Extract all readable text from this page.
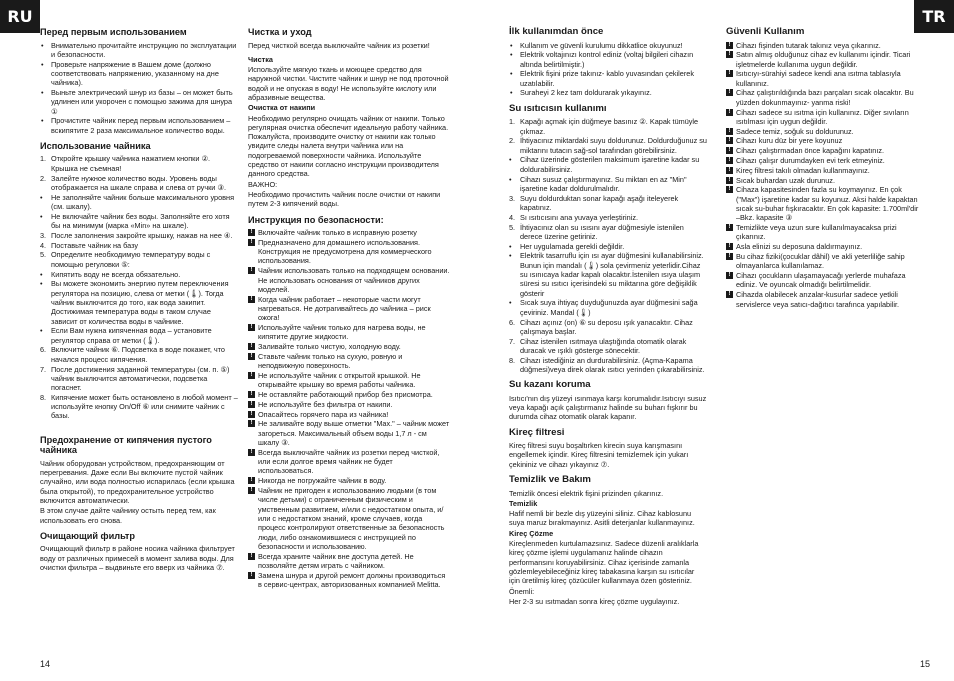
RU	TR
Перед первым использованием
• Внимательно прочитайте инструкцию по эксплуатации и безопасности.
• Проверьте напряжение в Вашем доме (должно соответствовать напряжению, указанному на дне чайника).
• Выньте электрический шнур из базы – он может быть удлинен или укорочен с помощью зажима для шнура ①
• Прочистите чайник перед первым использованием – вскипятите 2 раза максимальное количество воды.
Использование чайника
1. Откройте крышку чайника нажатием кнопки ②. Крышка не съемная!
2. Залейте нужное количество воды. Уровень воды отображается на шкале справа и слева от ручки ③.
• Не заполняйте чайник больше максимального уровня (см. шкалу).
• Не включайте чайник без воды. Заполняйте его хотя бы на минимум (марка «Min» на шкале).
3. После заполнения закройте крышку, нажав на нее ④.
4. Поставьте чайник на базу
5. Определите необходимую температуру воды с помощью регуловки ⑤:
• Кипятить воду не всегда обязательно.
• Вы можете экономить энергию путем переключения регулятора на позицию, слева от метки (🌡). Тогда чайник выключится до того, как вода закипит. Достижимая температура воды в таком случае зависит от количества воды в чайнике.
• Если Вам нужна кипяченная вода – установите регулятор справа от метки (🌡).
6. Включите чайник ⑥. Подсветка в воде покажет, что начался процесс кипячения.
7. После достижения заданной температуры (см. п. ⑤) чайник выключится автоматически, подсветка погаснет.
8. Кипячение может быть остановлено в любой момент – используйте кнопку On/Off ⑥ или снимите чайник с базы.
Предохранение от кипячения пустого чайника

Чайник оборудован устройством, предохраняющим от перегревания. Даже если Вы включите пустой чайник случайно, или вода полностью испарилась (если крышка была открытой), то предохранительное устройство включится автоматически.

В этом случае дайте чайнику остыть перед тем, как использовать его снова.

Очищающий фильтр

Очищающий фильтр в районе носика чайника фильтрует воду от различных примесей в момент залива воды. Для очистки фильтра – выдвиньте его вверх из чайника ⑦.

Чистка и уход

Перед чисткой всегда выключайте чайник из розетки!

Чистка

Используйте мягкую ткань и моющее средство для наружной чистки. Чистите чайник и шнур не под проточной водой и не опуская в воду! Не используйте кислоту или абразивные вещества.

Очистка от накипи

Необходимо регулярно очищать чайник от накипи. Только регулярная очистка обеспечит идеальную работу чайника. Пожалуйста, производите очистку от накипи как только увидите следы налета внутри чайника или на подогреваемой поверхности чайника. Используйте средство от накипи согласно инструкции производителя данного средства.

ВАЖНО:

Необходимо прочистить чайник после очистки от накипи путем 2-3 кипячений воды.

Инструкция по безопасности:
! Включайте чайник только в исправную розетку
! Предназначено для домашнего использования. Конструкция не предусмотрена для коммерческого использования.
! Чайник использовать только на подходящем основании. Не использовать основания от чайников других моделей.
! Когда чайник работает – некоторые части могут нагреваться. Не дотрагивайтесь до чайника – риск ожога!
! Используйте чайник только для нагрева воды, не кипятите другие жидкости.
! Заливайте только чистую, холодную воду.
! Ставьте чайник только на сухую, ровную и неподвижную поверхность.
! Не используйте чайник с открытой крышкой. Не открывайте крышку во время работы чайника.
! Не оставляйте работающий прибор без присмотра.
! Не используйте без фильтра от накипи.
! Опасайтесь горячего пара из чайника!
! Не заливайте воду выше отметки "Max." – чайник может загореться. Максимальный объем воды 1,7 л - см шкалу ③.
! Всегда выключайте чайник из розетки перед чисткой, или если долгое время чайник не будет использоваться.
! Никогда не погружайте чайник в воду.
! Чайник не пригоден к использованию людьми (в том числе детьми) с ограниченным физическим и умственным развитием, и/или с недостатком опыта, и/или с недостатком знаний, кроме случаев, когда процесс контролируют ответственные за безопасность люди, либо ознакомившиеся с инструкцией по безопасности и использованию.
! Всегда храните чайник вне доступа детей. Не позволяйте детям играть с чайником.
! Замена шнура и другой ремонт должны производиться в сервис-центрах, авторизованных компанией Melitta.
İlk kullanımdan önce
• Kullanım ve güvenli kurulumu dikkatlice okuyunuz!
• Elektrik voltajınızı kontrol ediniz (voltaj bilgileri cihazın altında belirtilmiştir.)
• Elektrik fişini prize takınız- kablo yuvasından çekilerek uzatılabilir.
• Suraheyi 2 kez tam doldurarak yıkayınız.
Su ısıtıcısın kullanımı
1. Kapağı açmak için düğmeye basınız ②. Kapak tümüyle çıkmaz.
2. İhtiyacınız miktardaki suyu doldurunuz. Doldurduğunuz su miktarını tutacın sağ-sol tarafından görebilirsiniz.
• Cihaz üzerinde gösterilen maksimum işaretine kadar su doldurabilirsiniz.
• Cihazı susuz çalıştırmayınız. Su miktarı en az "Min" işaretine kadar doldurulmalıdır.
3. Suyu doldurduktan sonar kapağı aşağı iteleyerek kapatınız.
4. Sı ısıtıcısını ana yuvaya yerleştiriniz.
5. İhtiyacınız olan su ısısını ayar düğmesiyle istenilen derece üzerine getiriniz.
• Her uygulamada gerekli değildir.
• Elektrik tasarruflu için ısı ayar düğmesini kullanabilirsiniz. Bunun için mandalı (🌡) sola çevirmeniz yeterlidir.Cihaz su ısınıcaya kadar kapalı olacaktır.İstenilen ısıya ulaşım süresi su ısıtıcı içerisindeki su miktarına göre değişiklik gösterir
• Sıcak suya ihtiyaç duyduğunuzda ayar düğmesini sağa çeviriniz. Mandal (🌡)
6. Cihazı açınız (on) ⑥ su deposu ışık yanacaktır. Cihaz çalışmaya başlar.
7. Cihaz istenilen ısıtmaya ulaştığında otomatik olarak duracak ve ışıklı gösterge sönecektir.
8. Cihazı istediğiniz an durdurabilirsiniz. (Açma-Kapama düğmesi)veya direk olarak ısıtıcı yerinden çıkarabilirsiniz.
Su kazanı koruma

Isıtıcı'nın dış yüzeyi ısınmaya karşı korumalıdır.Isıtıcıyı susuz veya kapağı açık çalıştırmanız halinde su buharı fışkırır bu durumda cihaz otomatik olarak kapanır.

Kireç filtresi

Kireç filtresi suyu boşaltırken kirecin suya karışmasını engellemek içindir. Kireç filtresini temizlemek için yukarı çekininiz ve cihazı yıkayınız ⑦.

Temizlik ve Bakım

Temizlik öncesi elektrik fişini prizinden çıkarınız.

Temizlik

Hafif nemli bir bezle dış yüzeyini siliniz. Cihaz kablosunu suya maruz bırakmayınız. Asitli deterjanlar kullanmayınız.

Kireç Çözme

Kireçlenmeden kurtulamazsınız. Sadece düzenli aralıklarla kireç çözme işlemi uygulamanız halinde cihazın performansını koruyabilirsiniz. Cihaz içerisinde zamanla gözlemleyebileceğiniz kireç tabakasına karşın su ısıtıcılar için üretilmiş kireç çözücüler kullanmaya özen gösteriniz.

Önemli:

Her 2-3 su ısıtmadan sonra kireç çözme uygulayınız.

Güvenli Kullanım
! Cihazı fişinden tutarak takınız veya çıkarınız.
! Satın almış olduğunuz cihaz ev kullanımı içindir. Ticari işletmelerde kullanıma uygun değildir.
! Isıtıcıyı-sürahiyi sadece kendi ana ısıtma tablasıyla kullanınız.
! Cihaz çalıştırıldığında bazı parçaları sıcak olacaktır. Bu yüzden dokunmayınız- yanma riski!
! Cihazı sadece su ısıtma için kullanınız. Diğer sıvıların ısıtılması için uygun değildir.
! Sadece temiz, soğuk su doldurunuz.
! Cihazı kuru düz bir yere koyunuz
! Cihazı çalıştırmadan önce kapağını kapatınız.
! Cihazı çalışır durumdayken evi terk etmeyiniz.
! Kireç filtresi takılı olmadan kullanmayınız.
! Sıcak buhardan uzak durunuz.
! Cihaza kapasitesinden fazla su koymayınız. En çok ("Max") işaretine kadar su koyunuz. Aksi halde kapaktan sıcak su-buhar fışkıracaktır. En çok kapasite: 1.700ml'dir –Bkz. kapasite ③
! Temizlikte veya uzun sure kullanılmayacaksa prizi çıkarınız.
! Asla elinizi su deposuna daldırmayınız.
! Bu cihaz fiziki(çocuklar dâhil) ve akli yeterliliğe sahip olmayanlarca kullanılamaz.
! Cihazı çocukların ulaşamayacağı yerlerde muhafaza ediniz. Ve oyuncak olmadığı belirtilmelidir.
! Cihazda olabilecek arızalar-kusurlar sadece yetkili servislerce veya satıcı-dağıtıcı tarafınca yapılabilir.
14	15
